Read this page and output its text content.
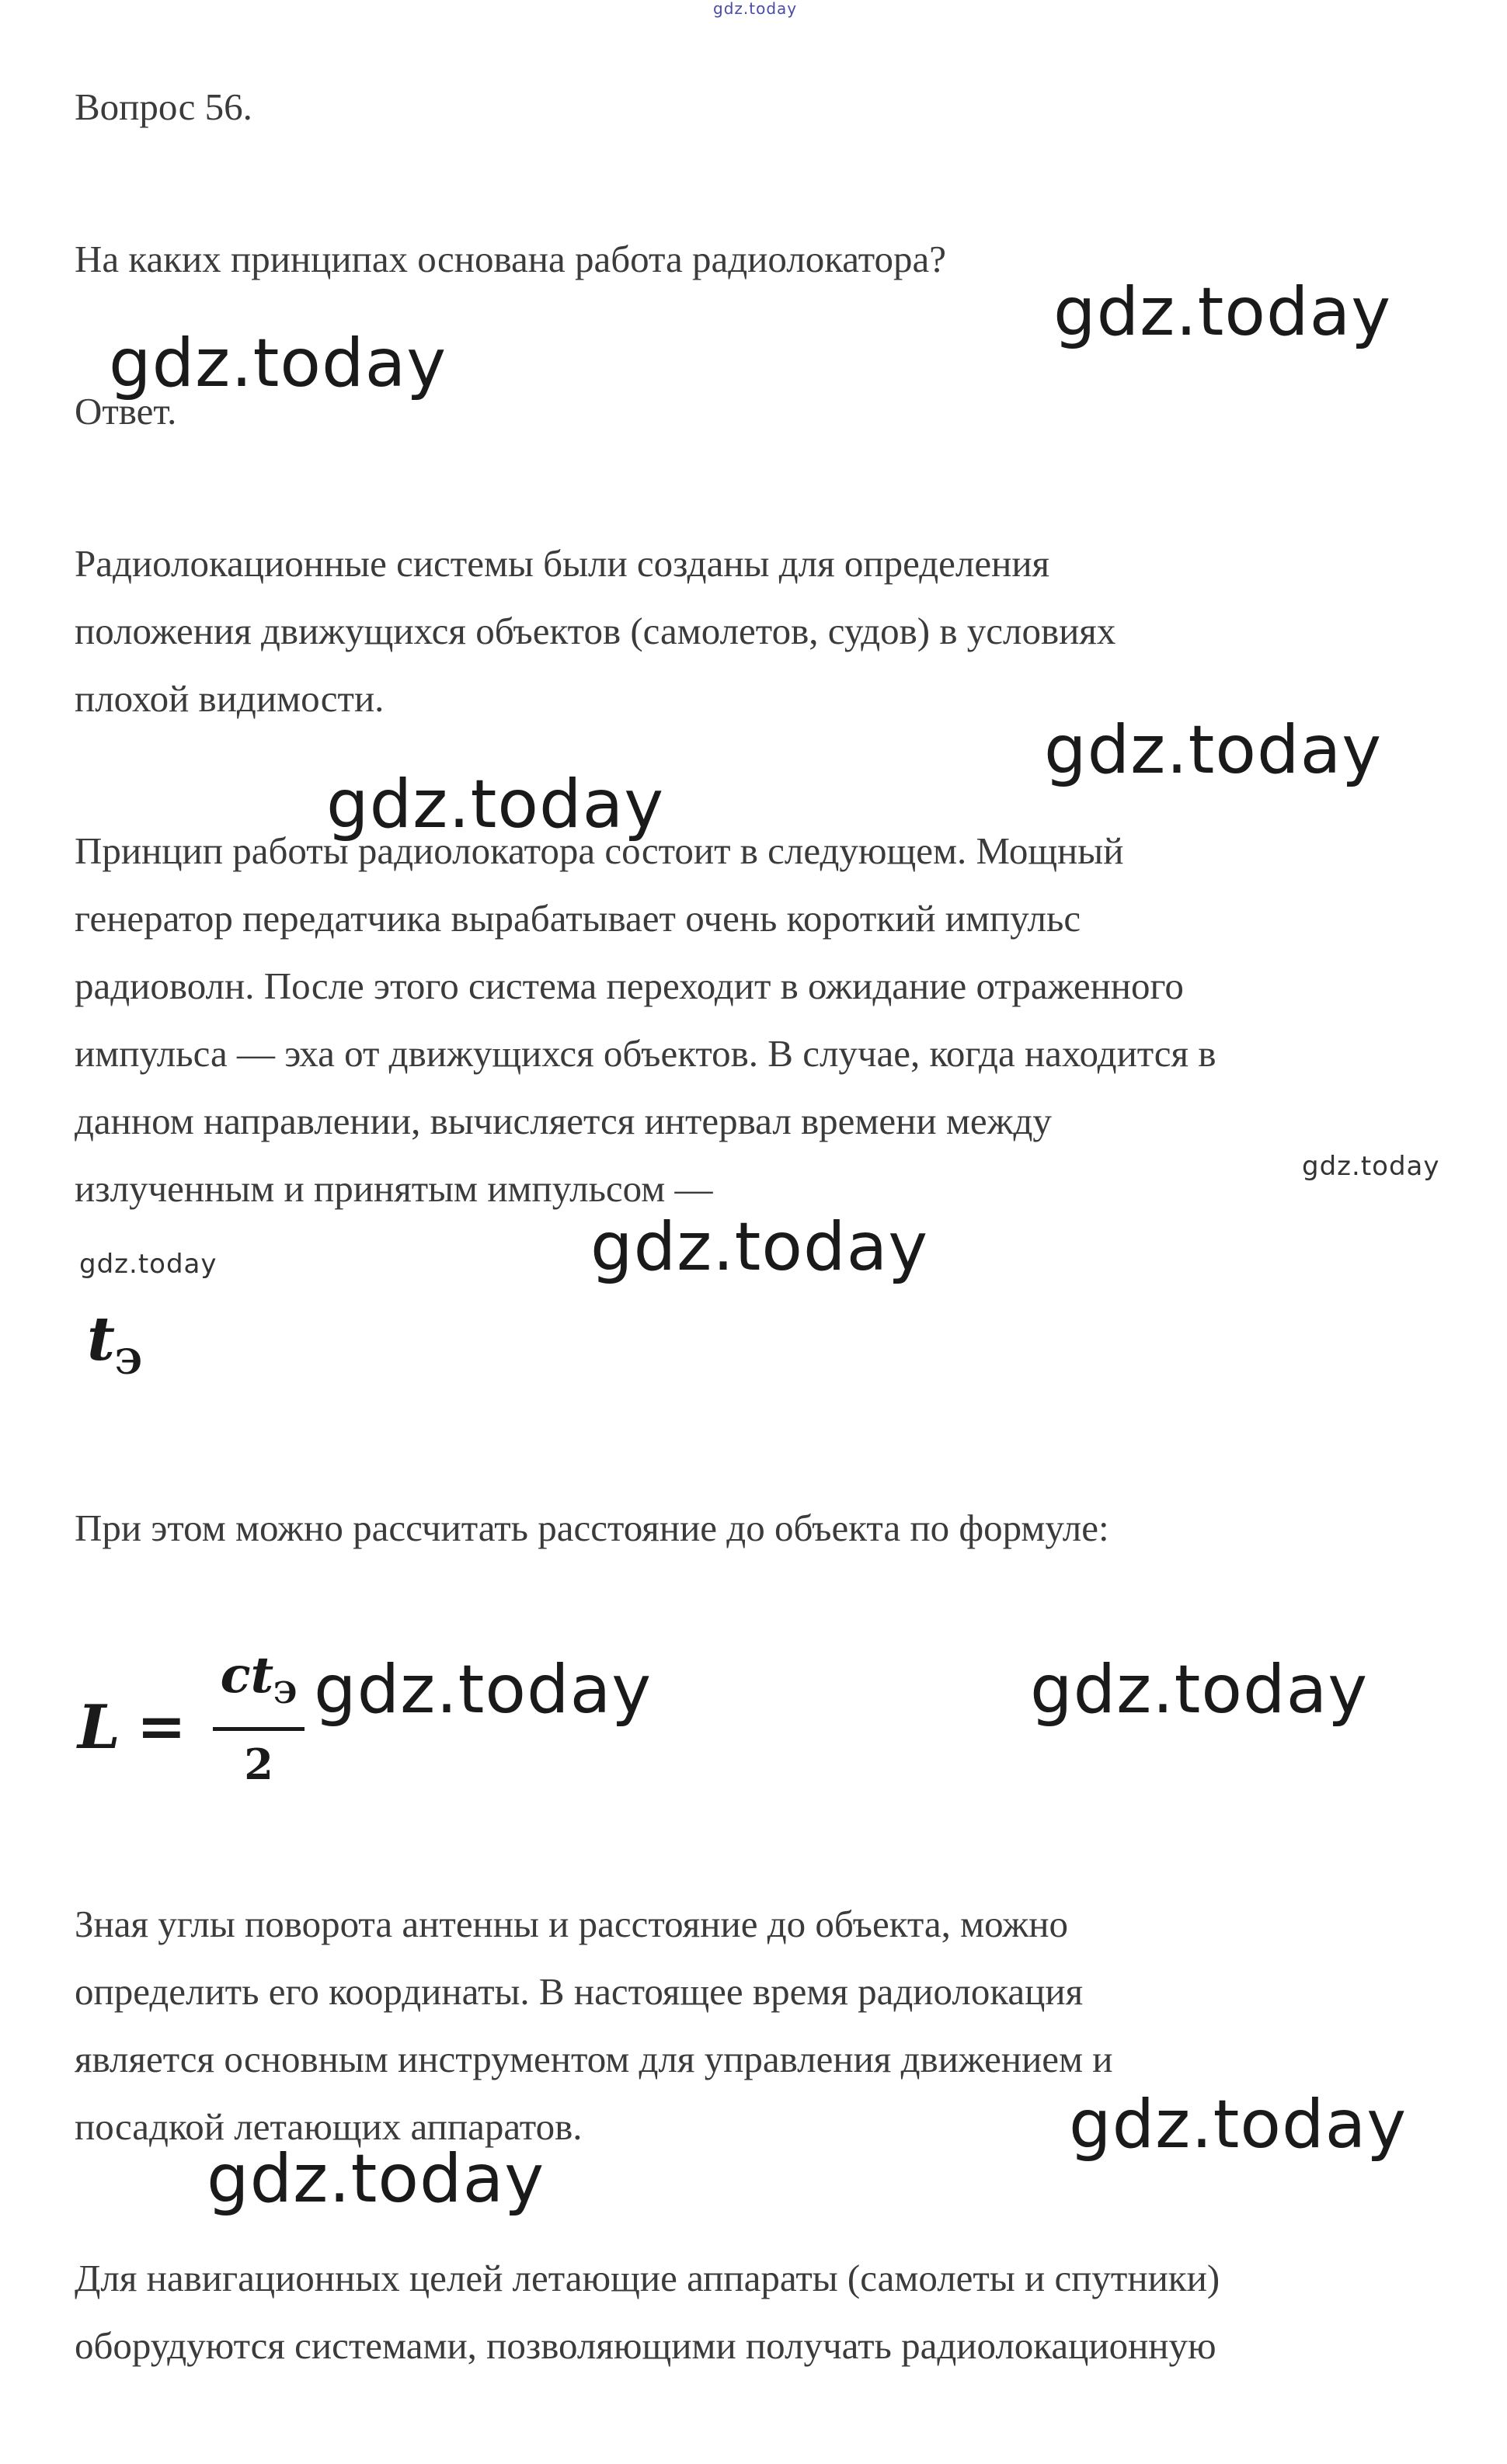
gdz.today

Вопрос 56.

На каких принципах основана работа радиолокатора?

Ответ.

Радиолокационные системы были созданы для определения
положения движущихся объектов (самолетов, судов) в условиях
плохой видимости.

Принцип работы радиолокатора состоит в следующем. Мощный
генератор передатчика вырабатывает очень короткий импульс
радиоволн. После этого система переходит в ожидание отраженного
импульса — эха от движущихся объектов. В случае, когда находится в
данном направлении, вычисляется интервал времени между
излученным и принятым импульсом —

$t_Э$

При этом можно рассчитать расстояние до объекта по формуле:

L =
$ct_Э$
2

Зная углы поворота антенны и расстояние до объекта, можно
определить его координаты. В настоящее время радиолокация
является основным инструментом для управления движением и
посадкой летающих аппаратов.

Для навигационных целей летающие аппараты (самолеты и спутники)
оборудуются системами, позволяющими получать радиолокационную

gdz.today
gdz.today
gdz.today
gdz.today
gdz.today
gdz.today	gdz.today
gdz.today
gdz.today
gdz.today
gdz.today
